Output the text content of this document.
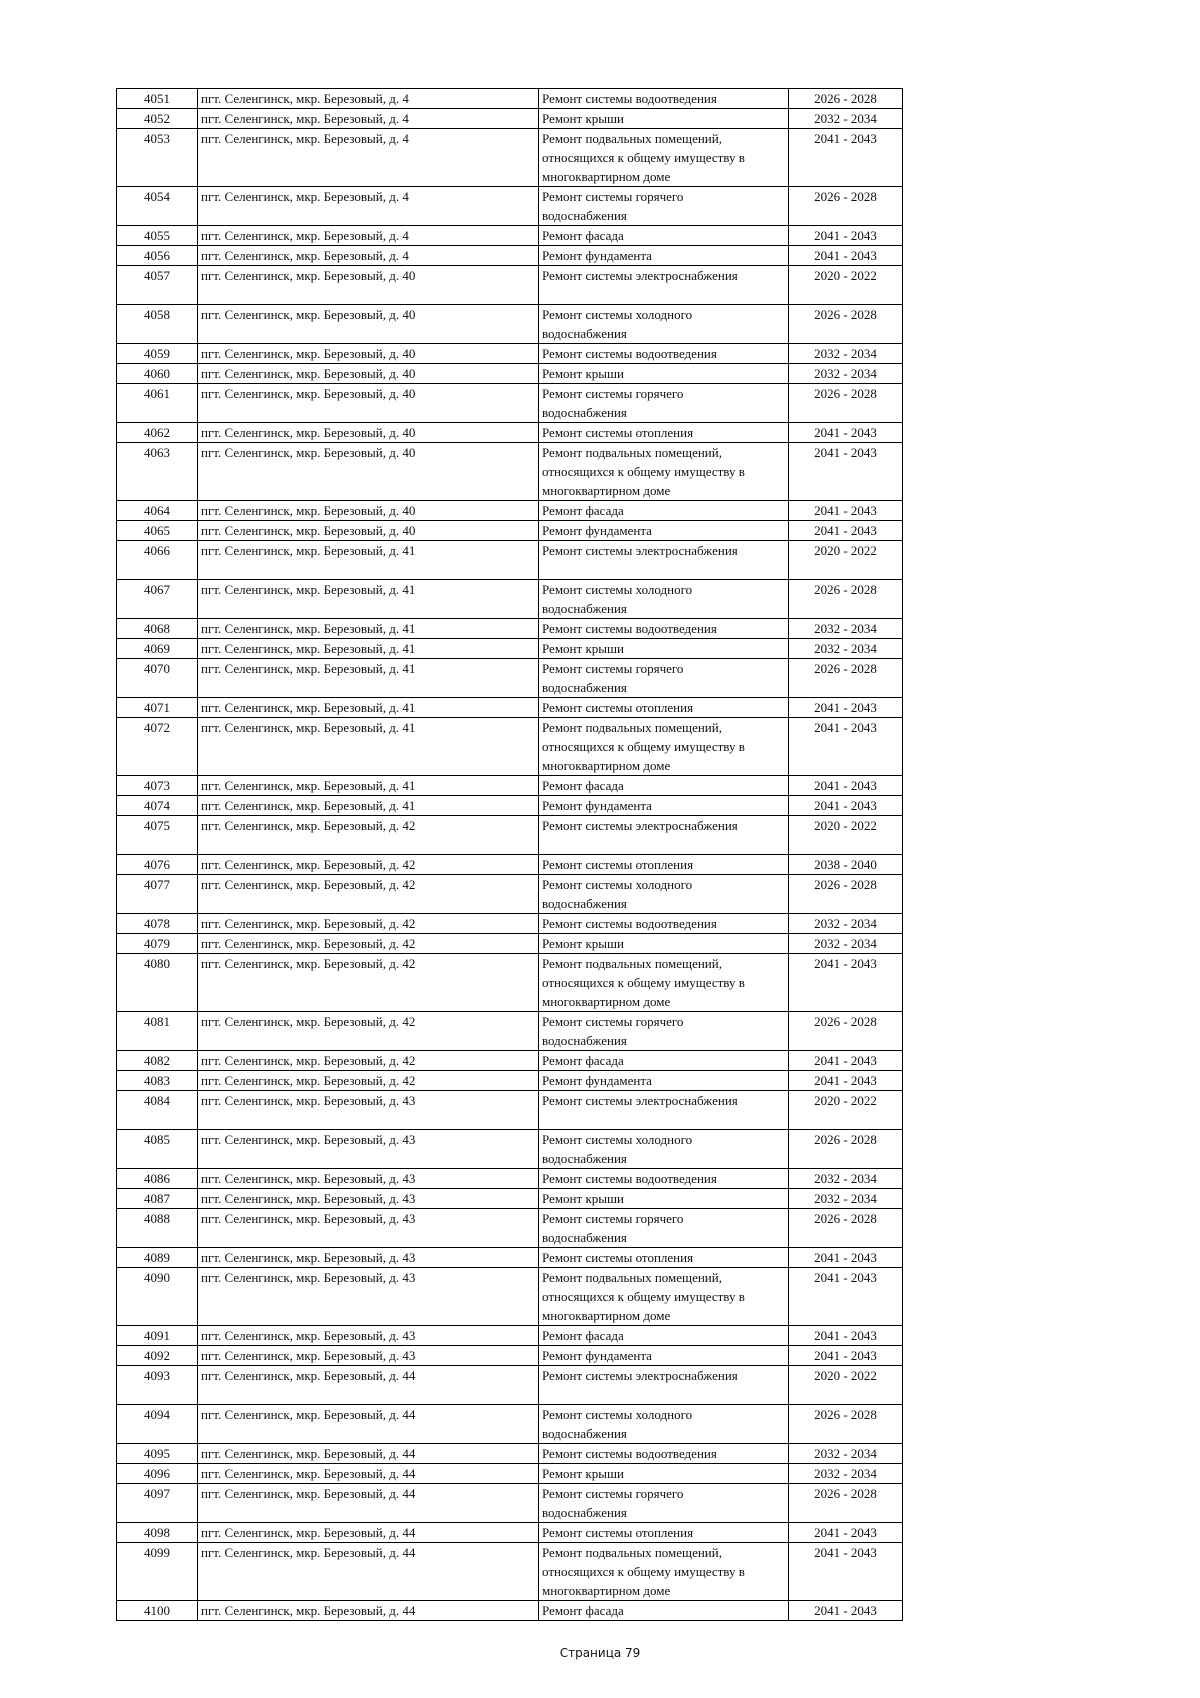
4051	пгт. Селенгинск, мкр. Березовый, д. 4	Ремонт системы водоотведения	2026 - 2028
4052	пгт. Селенгинск, мкр. Березовый, д. 4	Ремонт крыши	2032 - 2034
4053	пгт. Селенгинск, мкр. Березовый, д. 4	Ремонт подвальных помещений,
относящихся к общему имуществу в
многоквартирном доме	2041 - 2043
4054	пгт. Селенгинск, мкр. Березовый, д. 4	Ремонт системы горячего
водоснабжения	2026 - 2028
4055	пгт. Селенгинск, мкр. Березовый, д. 4	Ремонт фасада	2041 - 2043
4056	пгт. Селенгинск, мкр. Березовый, д. 4	Ремонт фундамента	2041 - 2043
4057	пгт. Селенгинск, мкр. Березовый, д. 40	Ремонт системы электроснабжения	2020 - 2022
4058	пгт. Селенгинск, мкр. Березовый, д. 40	Ремонт системы холодного
водоснабжения	2026 - 2028
4059	пгт. Селенгинск, мкр. Березовый, д. 40	Ремонт системы водоотведения	2032 - 2034
4060	пгт. Селенгинск, мкр. Березовый, д. 40	Ремонт крыши	2032 - 2034
4061	пгт. Селенгинск, мкр. Березовый, д. 40	Ремонт системы горячего
водоснабжения	2026 - 2028
4062	пгт. Селенгинск, мкр. Березовый, д. 40	Ремонт системы отопления	2041 - 2043
4063	пгт. Селенгинск, мкр. Березовый, д. 40	Ремонт подвальных помещений,
относящихся к общему имуществу в
многоквартирном доме	2041 - 2043
4064	пгт. Селенгинск, мкр. Березовый, д. 40	Ремонт фасада	2041 - 2043
4065	пгт. Селенгинск, мкр. Березовый, д. 40	Ремонт фундамента	2041 - 2043
4066	пгт. Селенгинск, мкр. Березовый, д. 41	Ремонт системы электроснабжения	2020 - 2022
4067	пгт. Селенгинск, мкр. Березовый, д. 41	Ремонт системы холодного
водоснабжения	2026 - 2028
4068	пгт. Селенгинск, мкр. Березовый, д. 41	Ремонт системы водоотведения	2032 - 2034
4069	пгт. Селенгинск, мкр. Березовый, д. 41	Ремонт крыши	2032 - 2034
4070	пгт. Селенгинск, мкр. Березовый, д. 41	Ремонт системы горячего
водоснабжения	2026 - 2028
4071	пгт. Селенгинск, мкр. Березовый, д. 41	Ремонт системы отопления	2041 - 2043
4072	пгт. Селенгинск, мкр. Березовый, д. 41	Ремонт подвальных помещений,
относящихся к общему имуществу в
многоквартирном доме	2041 - 2043
4073	пгт. Селенгинск, мкр. Березовый, д. 41	Ремонт фасада	2041 - 2043
4074	пгт. Селенгинск, мкр. Березовый, д. 41	Ремонт фундамента	2041 - 2043
4075	пгт. Селенгинск, мкр. Березовый, д. 42	Ремонт системы электроснабжения	2020 - 2022
4076	пгт. Селенгинск, мкр. Березовый, д. 42	Ремонт системы отопления	2038 - 2040
4077	пгт. Селенгинск, мкр. Березовый, д. 42	Ремонт системы холодного
водоснабжения	2026 - 2028
4078	пгт. Селенгинск, мкр. Березовый, д. 42	Ремонт системы водоотведения	2032 - 2034
4079	пгт. Селенгинск, мкр. Березовый, д. 42	Ремонт крыши	2032 - 2034
4080	пгт. Селенгинск, мкр. Березовый, д. 42	Ремонт подвальных помещений,
относящихся к общему имуществу в
многоквартирном доме	2041 - 2043
4081	пгт. Селенгинск, мкр. Березовый, д. 42	Ремонт системы горячего
водоснабжения	2026 - 2028
4082	пгт. Селенгинск, мкр. Березовый, д. 42	Ремонт фасада	2041 - 2043
4083	пгт. Селенгинск, мкр. Березовый, д. 42	Ремонт фундамента	2041 - 2043
4084	пгт. Селенгинск, мкр. Березовый, д. 43	Ремонт системы электроснабжения	2020 - 2022
4085	пгт. Селенгинск, мкр. Березовый, д. 43	Ремонт системы холодного
водоснабжения	2026 - 2028
4086	пгт. Селенгинск, мкр. Березовый, д. 43	Ремонт системы водоотведения	2032 - 2034
4087	пгт. Селенгинск, мкр. Березовый, д. 43	Ремонт крыши	2032 - 2034
4088	пгт. Селенгинск, мкр. Березовый, д. 43	Ремонт системы горячего
водоснабжения	2026 - 2028
4089	пгт. Селенгинск, мкр. Березовый, д. 43	Ремонт системы отопления	2041 - 2043
4090	пгт. Селенгинск, мкр. Березовый, д. 43	Ремонт подвальных помещений,
относящихся к общему имуществу в
многоквартирном доме	2041 - 2043
4091	пгт. Селенгинск, мкр. Березовый, д. 43	Ремонт фасада	2041 - 2043
4092	пгт. Селенгинск, мкр. Березовый, д. 43	Ремонт фундамента	2041 - 2043
4093	пгт. Селенгинск, мкр. Березовый, д. 44	Ремонт системы электроснабжения	2020 - 2022
4094	пгт. Селенгинск, мкр. Березовый, д. 44	Ремонт системы холодного
водоснабжения	2026 - 2028
4095	пгт. Селенгинск, мкр. Березовый, д. 44	Ремонт системы водоотведения	2032 - 2034
4096	пгт. Селенгинск, мкр. Березовый, д. 44	Ремонт крыши	2032 - 2034
4097	пгт. Селенгинск, мкр. Березовый, д. 44	Ремонт системы горячего
водоснабжения	2026 - 2028
4098	пгт. Селенгинск, мкр. Березовый, д. 44	Ремонт системы отопления	2041 - 2043
4099	пгт. Селенгинск, мкр. Березовый, д. 44	Ремонт подвальных помещений,
относящихся к общему имуществу в
многоквартирном доме	2041 - 2043
4100	пгт. Селенгинск, мкр. Березовый, д. 44	Ремонт фасада	2041 - 2043
Страница 79
